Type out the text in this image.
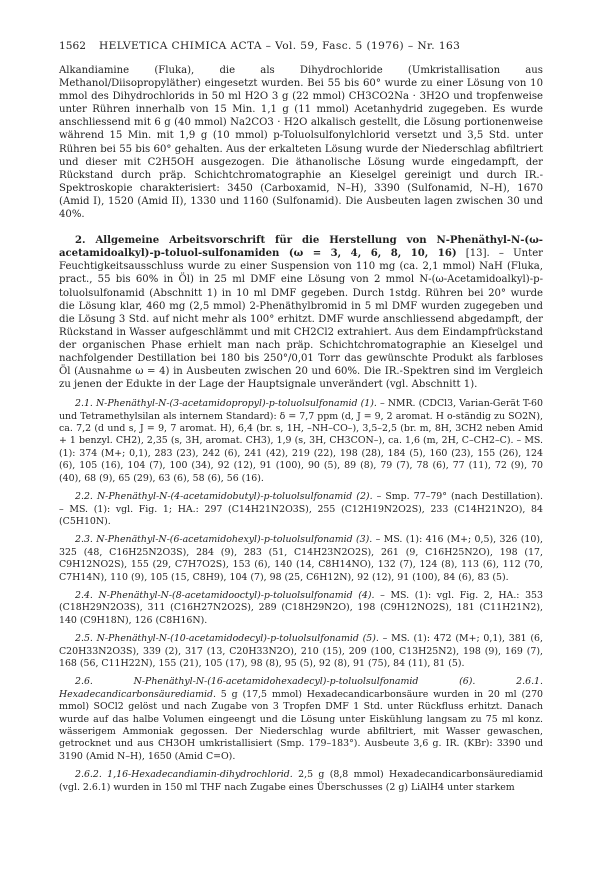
1562	HELVETICA CHIMICA ACTA – Vol. 59, Fasc. 5 (1976) – Nr. 163

Alkandiamine (Fluka), die als Dihydrochloride (Umkristallisation aus Methanol/Diisopropyläther) eingesetzt wurden. Bei 55 bis 60° wurde zu einer Lösung von 10 mmol des Dihydrochlorids in 50 ml H2O 3 g (22 mmol) CH3CO2Na · 3H2O und tropfenweise unter Rühren innerhalb von 15 Min. 1,1 g (11 mmol) Acetanhydrid zugegeben. Es wurde anschliessend mit 6 g (40 mmol) Na2CO3 · H2O alkalisch gestellt, die Lösung portionenweise während 15 Min. mit 1,9 g (10 mmol) p-Toluolsulfonylchlorid versetzt und 3,5 Std. unter Rühren bei 55 bis 60° gehalten. Aus der erkalteten Lösung wurde der Niederschlag abfiltriert und dieser mit C2H5OH ausgezogen. Die äthanolische Lösung wurde eingedampft, der Rückstand durch präp. Schichtchromatographie an Kieselgel gereinigt und durch IR.-Spektroskopie charakterisiert: 3450 (Carboxamid, N–H), 3390 (Sulfonamid, N–H), 1670 (Amid I), 1520 (Amid II), 1330 und 1160 (Sulfonamid). Die Ausbeuten lagen zwischen 30 und 40%.

2. Allgemeine Arbeitsvorschrift für die Herstellung von N-Phenäthyl-N-(ω-acetamidoalkyl)-p-toluol-sulfonamiden (ω = 3, 4, 6, 8, 10, 16) [13]. – Unter Feuchtigkeitsausschluss wurde zu einer Suspension von 110 mg (ca. 2,1 mmol) NaH (Fluka, pract., 55 bis 60% in Öl) in 25 ml DMF eine Lösung von 2 mmol N-(ω-Acetamidoalkyl)-p-toluolsulfonamid (Abschnitt 1) in 10 ml DMF gegeben. Durch 1stdg. Rühren bei 20° wurde die Lösung klar, 460 mg (2,5 mmol) 2-Phenäthylbromid in 5 ml DMF wurden zugegeben und die Lösung 3 Std. auf nicht mehr als 100° erhitzt. DMF wurde anschliessend abgedampft, der Rückstand in Wasser aufgeschlämmt und mit CH2Cl2 extrahiert. Aus dem Eindampfrückstand der organischen Phase erhielt man nach präp. Schichtchromatographie an Kieselgel und nachfolgender Destillation bei 180 bis 250°/0,01 Torr das gewünschte Produkt als farbloses Öl (Ausnahme ω = 4) in Ausbeuten zwischen 20 und 60%. Die IR.-Spektren sind im Vergleich zu jenen der Edukte in der Lage der Hauptsignale unverändert (vgl. Abschnitt 1).

2.1. N-Phenäthyl-N-(3-acetamidopropyl)-p-toluolsulfonamid (1). – NMR. (CDCl3, Varian-Gerät T-60 und Tetramethylsilan als internem Standard): δ = 7,7 ppm (d, J = 9, 2 aromat. H o-ständig zu SO2N), ca. 7,2 (d und s, J = 9, 7 aromat. H), 6,4 (br. s, 1H, –NH–CO–), 3,5–2,5 (br. m, 8H, 3CH2 neben Amid + 1 benzyl. CH2), 2,35 (s, 3H, aromat. CH3), 1,9 (s, 3H, CH3CON–), ca. 1,6 (m, 2H, C–CH2–C). – MS. (1): 374 (M+; 0,1), 283 (23), 242 (6), 241 (42), 219 (22), 198 (28), 184 (5), 160 (23), 155 (26), 124 (6), 105 (16), 104 (7), 100 (34), 92 (12), 91 (100), 90 (5), 89 (8), 79 (7), 78 (6), 77 (11), 72 (9), 70 (40), 68 (9), 65 (29), 63 (6), 58 (6), 56 (16).

2.2. N-Phenäthyl-N-(4-acetamidobutyl)-p-toluolsulfonamid (2). – Smp. 77–79° (nach Destillation). – MS. (1): vgl. Fig. 1; HA.: 297 (C14H21N2O3S), 255 (C12H19N2O2S), 233 (C14H21N2O), 84 (C5H10N).

2.3. N-Phenäthyl-N-(6-acetamidohexyl)-p-toluolsulfonamid (3). – MS. (1): 416 (M+; 0,5), 326 (10), 325 (48, C16H25N2O3S), 284 (9), 283 (51, C14H23N2O2S), 261 (9, C16H25N2O), 198 (17, C9H12NO2S), 155 (29, C7H7O2S), 153 (6), 140 (14, C8H14NO), 132 (7), 124 (8), 113 (6), 112 (70, C7H14N), 110 (9), 105 (15, C8H9), 104 (7), 98 (25, C6H12N), 92 (12), 91 (100), 84 (6), 83 (5).

2.4. N-Phenäthyl-N-(8-acetamidooctyl)-p-toluolsulfonamid (4). – MS. (1): vgl. Fig. 2, HA.: 353 (C18H29N2O3S), 311 (C16H27N2O2S), 289 (C18H29N2O), 198 (C9H12NO2S), 181 (C11H21N2), 140 (C9H18N), 126 (C8H16N).

2.5. N-Phenäthyl-N-(10-acetamidodecyl)-p-toluolsulfonamid (5). – MS. (1): 472 (M+; 0,1), 381 (6, C20H33N2O3S), 339 (2), 317 (13, C20H33N2O), 210 (15), 209 (100, C13H25N2), 198 (9), 169 (7), 168 (56, C11H22N), 155 (21), 105 (17), 98 (8), 95 (5), 92 (8), 91 (75), 84 (11), 81 (5).

2.6. N-Phenäthyl-N-(16-acetamidohexadecyl)-p-toluolsulfonamid (6). 2.6.1. Hexadecandicarbonsäurediamid. 5 g (17,5 mmol) Hexadecandicarbonsäure wurden in 20 ml (270 mmol) SOCl2 gelöst und nach Zugabe von 3 Tropfen DMF 1 Std. unter Rückfluss erhitzt. Danach wurde auf das halbe Volumen eingeengt und die Lösung unter Eiskühlung langsam zu 75 ml konz. wässerigem Ammoniak gegossen. Der Niederschlag wurde abfiltriert, mit Wasser gewaschen, getrocknet und aus CH3OH umkristallisiert (Smp. 179–183°). Ausbeute 3,6 g. IR. (KBr): 3390 und 3190 (Amid N–H), 1650 (Amid C=O).

2.6.2. 1,16-Hexadecandiamin-dihydrochlorid. 2,5 g (8,8 mmol) Hexadecandicarbonsäurediamid (vgl. 2.6.1) wurden in 150 ml THF nach Zugabe eines Überschusses (2 g) LiAlH4 unter starkem
